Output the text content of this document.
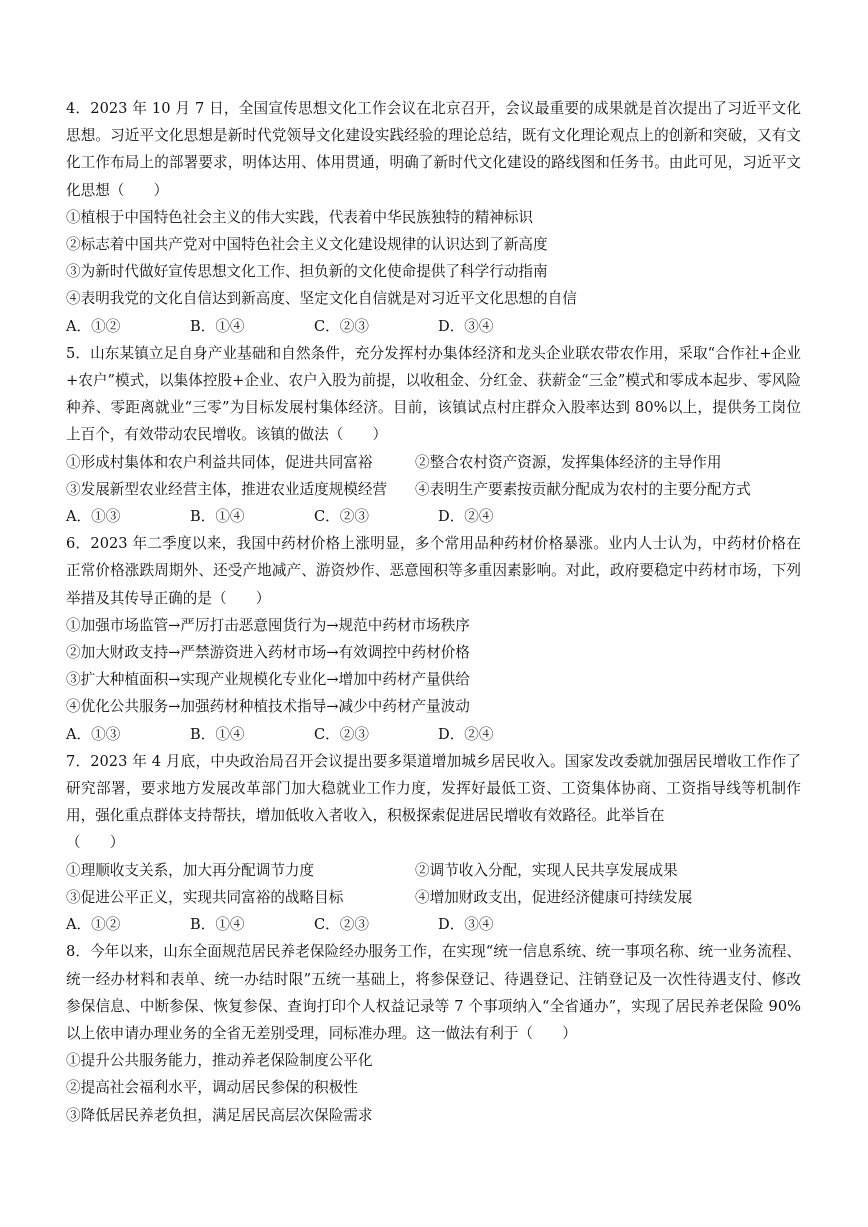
4．2023 年 10 月 7 日，全国宣传思想文化工作会议在北京召开，会议最重要的成果就是首次提出了习近平文化思想。习近平文化思想是新时代党领导文化建设实践经验的理论总结，既有文化理论观点上的创新和突破，又有文化工作布局上的部署要求，明体达用、体用贯通，明确了新时代文化建设的路线图和任务书。由此可见，习近平文化思想（　　）

①植根于中国特色社会主义的伟大实践，代表着中华民族独特的精神标识

②标志着中国共产党对中国特色社会主义文化建设规律的认识达到了新高度

③为新时代做好宣传思想文化工作、担负新的文化使命提供了科学行动指南

④表明我党的文化自信达到新高度、坚定文化自信就是对习近平文化思想的自信

A．①②	B．①④	C．②③	D．③④

5．山东某镇立足自身产业基础和自然条件，充分发挥村办集体经济和龙头企业联农带农作用，采取“合作社+企业+农户”模式，以集体控股+企业、农户入股为前提，以收租金、分红金、获薪金“三金”模式和零成本起步、零风险种养、零距离就业“三零”为目标发展村集体经济。目前，该镇试点村庄群众入股率达到 80%以上，提供务工岗位上百个，有效带动农民增收。该镇的做法（　　）

①形成村集体和农户利益共同体，促进共同富裕	②整合农村资产资源，发挥集体经济的主导作用
③发展新型农业经营主体，推进农业适度规模经营	④表明生产要素按贡献分配成为农村的主要分配方式
A．①③	B．①④	C．②③	D．②④

6．2023 年二季度以来，我国中药材价格上涨明显，多个常用品种药材价格暴涨。业内人士认为，中药材价格在正常价格涨跌周期外、还受产地减产、游资炒作、恶意囤积等多重因素影响。对此，政府要稳定中药材市场，下列举措及其传导正确的是（　　）

①加强市场监管→严厉打击恶意囤货行为→规范中药材市场秩序

②加大财政支持→严禁游资进入药材市场→有效调控中药材价格

③扩大种植面积→实现产业规模化专业化→增加中药材产量供给

④优化公共服务→加强药材种植技术指导→减少中药材产量波动

A．①③	B．①④	C．②③	D．②④

7．2023 年 4 月底，中央政治局召开会议提出要多渠道增加城乡居民收入。国家发改委就加强居民增收工作作了研究部署，要求地方发展改革部门加大稳就业工作力度，发挥好最低工资、工资集体协商、工资指导线等机制作用，强化重点群体支持帮扶，增加低收入者收入，积极探索促进居民增收有效路径。此举旨在

（　　）

①理顺收支关系，加大再分配调节力度	②调节收入分配，实现人民共享发展成果
③促进公平正义，实现共同富裕的战略目标	④增加财政支出，促进经济健康可持续发展
A．①②	B．①④	C．②③	D．③④

8．今年以来，山东全面规范居民养老保险经办服务工作，在实现“统一信息系统、统一事项名称、统一业务流程、统一经办材料和表单、统一办结时限”五统一基础上，将参保登记、待遇登记、注销登记及一次性待遇支付、修改参保信息、中断参保、恢复参保、查询打印个人权益记录等 7 个事项纳入“全省通办”，实现了居民养老保险 90%以上依申请办理业务的全省无差别受理，同标准办理。这一做法有利于（　　）

①提升公共服务能力，推动养老保险制度公平化

②提高社会福利水平，调动居民参保的积极性

③降低居民养老负担，满足居民高层次保险需求
